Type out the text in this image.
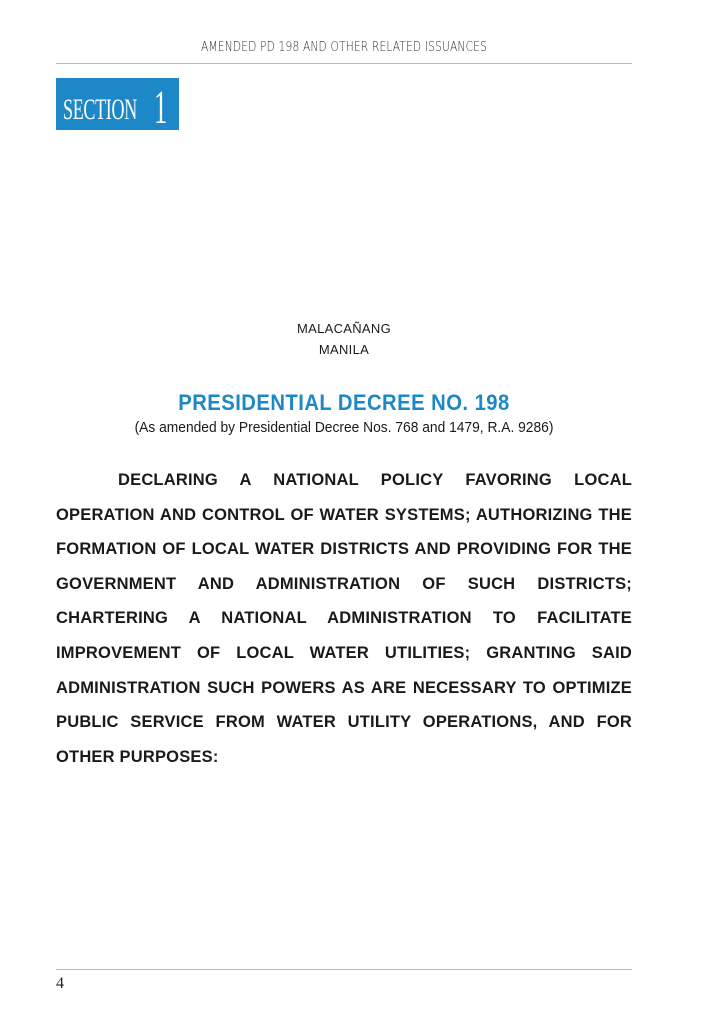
AMENDED PD 198 AND OTHER RELATED ISSUANCES
SECTION 1
MALACAÑANG
MANILA
PRESIDENTIAL DECREE NO. 198
(As amended by Presidential Decree Nos. 768 and 1479, R.A. 9286)

DECLARING A NATIONAL POLICY FAVORING LOCAL OPERATION AND CONTROL OF WATER SYSTEMS; AUTHORIZING THE FORMATION OF LOCAL WATER DISTRICTS AND PROVIDING FOR THE GOVERNMENT AND ADMINISTRATION OF SUCH DISTRICTS; CHARTERING A NATIONAL ADMINISTRATION TO FACILITATE IMPROVEMENT OF LOCAL WATER UTILITIES; GRANTING SAID ADMINISTRATION SUCH POWERS AS ARE NECESSARY TO OPTIMIZE PUBLIC SERVICE FROM WATER UTILITY OPERATIONS, AND FOR OTHER PURPOSES:

4
